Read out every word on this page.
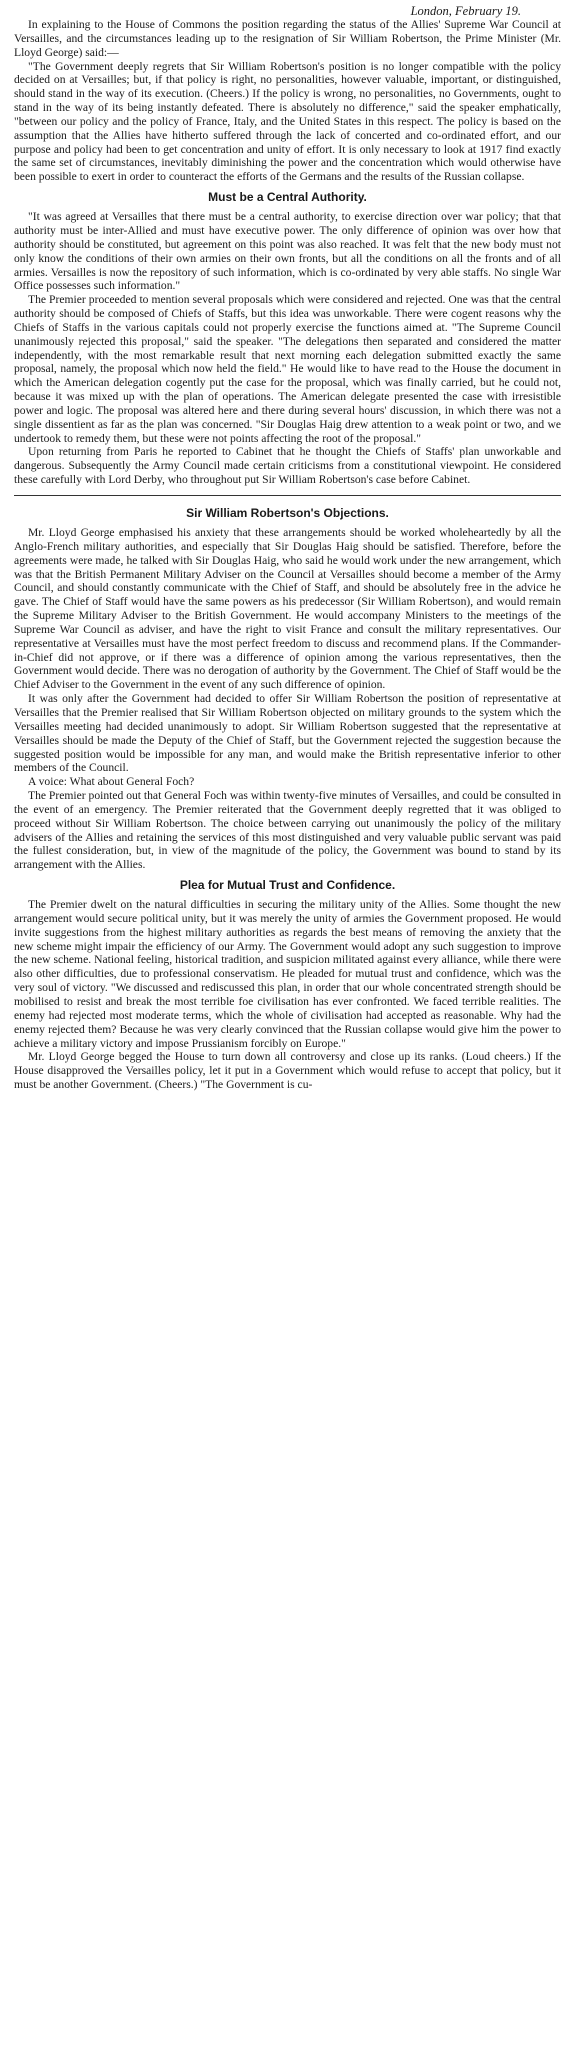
London, February 19.

In explaining to the House of Commons the position regarding the status of the Allies' Supreme War Council at Versailles, and the circumstances leading up to the resignation of Sir William Robertson, the Prime Minister (Mr. Lloyd George) said:—

"The Government deeply regrets that Sir William Robertson's position is no longer compatible with the policy decided on at Versailles; but, if that policy is right, no personalities, however valuable, important, or distinguished, should stand in the way of its execution. (Cheers.) If the policy is wrong, no personalities, no Governments, ought to stand in the way of its being instantly defeated. There is absolutely no difference," said the speaker emphatically, "between our policy and the policy of France, Italy, and the United States in this respect. The policy is based on the assumption that the Allies have hitherto suffered through the lack of concerted and co-ordinated effort, and our purpose and policy had been to get concentration and unity of effort. It is only necessary to look at 1917 find exactly the same set of circumstances, inevitably diminishing the power and the concentration which would otherwise have been possible to exert in order to counteract the efforts of the Germans and the results of the Russian collapse.

Must be a Central Authority.

"It was agreed at Versailles that there must be a central authority, to exercise direction over war policy; that that authority must be inter-Allied and must have executive power. The only difference of opinion was over how that authority should be constituted, but agreement on this point was also reached. It was felt that the new body must not only know the conditions of their own armies on their own fronts, but all the conditions on all the fronts and of all armies. Versailles is now the repository of such information, which is co-ordinated by very able staffs. No single War Office possesses such information."

The Premier proceeded to mention several proposals which were considered and rejected. One was that the central authority should be composed of Chiefs of Staffs, but this idea was unworkable. There were cogent reasons why the Chiefs of Staffs in the various capitals could not properly exercise the functions aimed at. "The Supreme Council unanimously rejected this proposal," said the speaker. "The delegations then separated and considered the matter independently, with the most remarkable result that next morning each delegation submitted exactly the same proposal, namely, the proposal which now held the field." He would like to have read to the House the document in which the American delegation cogently put the case for the proposal, which was finally carried, but he could not, because it was mixed up with the plan of operations. The American delegate presented the case with irresistible power and logic. The proposal was altered here and there during several hours' discussion, in which there was not a single dissentient as far as the plan was concerned. "Sir Douglas Haig drew attention to a weak point or two, and we undertook to remedy them, but these were not points affecting the root of the proposal."

Upon returning from Paris he reported to Cabinet that he thought the Chiefs of Staffs' plan unworkable and dangerous. Subsequently the Army Council made certain criticisms from a constitutional viewpoint. He considered these carefully with Lord Derby, who throughout put Sir William Robertson's case before Cabinet.

Sir William Robertson's Objections.

Mr. Lloyd George emphasised his anxiety that these arrangements should be worked wholeheartedly by all the Anglo-French military authorities, and especially that Sir Douglas Haig should be satisfied. Therefore, before the agreements were made, he talked with Sir Douglas Haig, who said he would work under the new arrangement, which was that the British Permanent Military Adviser on the Council at Versailles should become a member of the Army Council, and should constantly communicate with the Chief of Staff, and should be absolutely free in the advice he gave. The Chief of Staff would have the same powers as his predecessor (Sir William Robertson), and would remain the Supreme Military Adviser to the British Government. He would accompany Ministers to the meetings of the Supreme War Council as adviser, and have the right to visit France and consult the military representatives. Our representative at Versailles must have the most perfect freedom to discuss and recommend plans. If the Commander-in-Chief did not approve, or if there was a difference of opinion among the various representatives, then the Government would decide. There was no derogation of authority by the Government. The Chief of Staff would be the Chief Adviser to the Government in the event of any such difference of opinion.

It was only after the Government had decided to offer Sir William Robertson the position of representative at Versailles that the Premier realised that Sir William Robertson objected on military grounds to the system which the Versailles meeting had decided unanimously to adopt. Sir William Robertson suggested that the representative at Versailles should be made the Deputy of the Chief of Staff, but the Government rejected the suggestion because the suggested position would be impossible for any man, and would make the British representative inferior to other members of the Council.

A voice: What about General Foch?

The Premier pointed out that General Foch was within twenty-five minutes of Versailles, and could be consulted in the event of an emergency. The Premier reiterated that the Government deeply regretted that it was obliged to proceed without Sir William Robertson. The choice between carrying out unanimously the policy of the military advisers of the Allies and retaining the services of this most distinguished and very valuable public servant was paid the fullest consideration, but, in view of the magnitude of the policy, the Government was bound to stand by its arrangement with the Allies.

Plea for Mutual Trust and Confidence.

The Premier dwelt on the natural difficulties in securing the military unity of the Allies. Some thought the new arrangement would secure political unity, but it was merely the unity of armies the Government proposed. He would invite suggestions from the highest military authorities as regards the best means of removing the anxiety that the new scheme might impair the efficiency of our Army. The Government would adopt any such suggestion to improve the new scheme. National feeling, historical tradition, and suspicion militated against every alliance, while there were also other difficulties, due to professional conservatism. He pleaded for mutual trust and confidence, which was the very soul of victory. "We discussed and rediscussed this plan, in order that our whole concentrated strength should be mobilised to resist and break the most terrible foe civilisation has ever confronted. We faced terrible realities. The enemy had rejected most moderate terms, which the whole of civilisation had accepted as reasonable. Why had the enemy rejected them? Because he was very clearly convinced that the Russian collapse would give him the power to achieve a military victory and impose Prussianism forcibly on Europe."

Mr. Lloyd George begged the House to turn down all controversy and close up its ranks. (Loud cheers.) If the House disapproved the Versailles policy, let it put in a Government which would refuse to accept that policy, but it must be another Government. (Cheers.) "The Government is cu-
